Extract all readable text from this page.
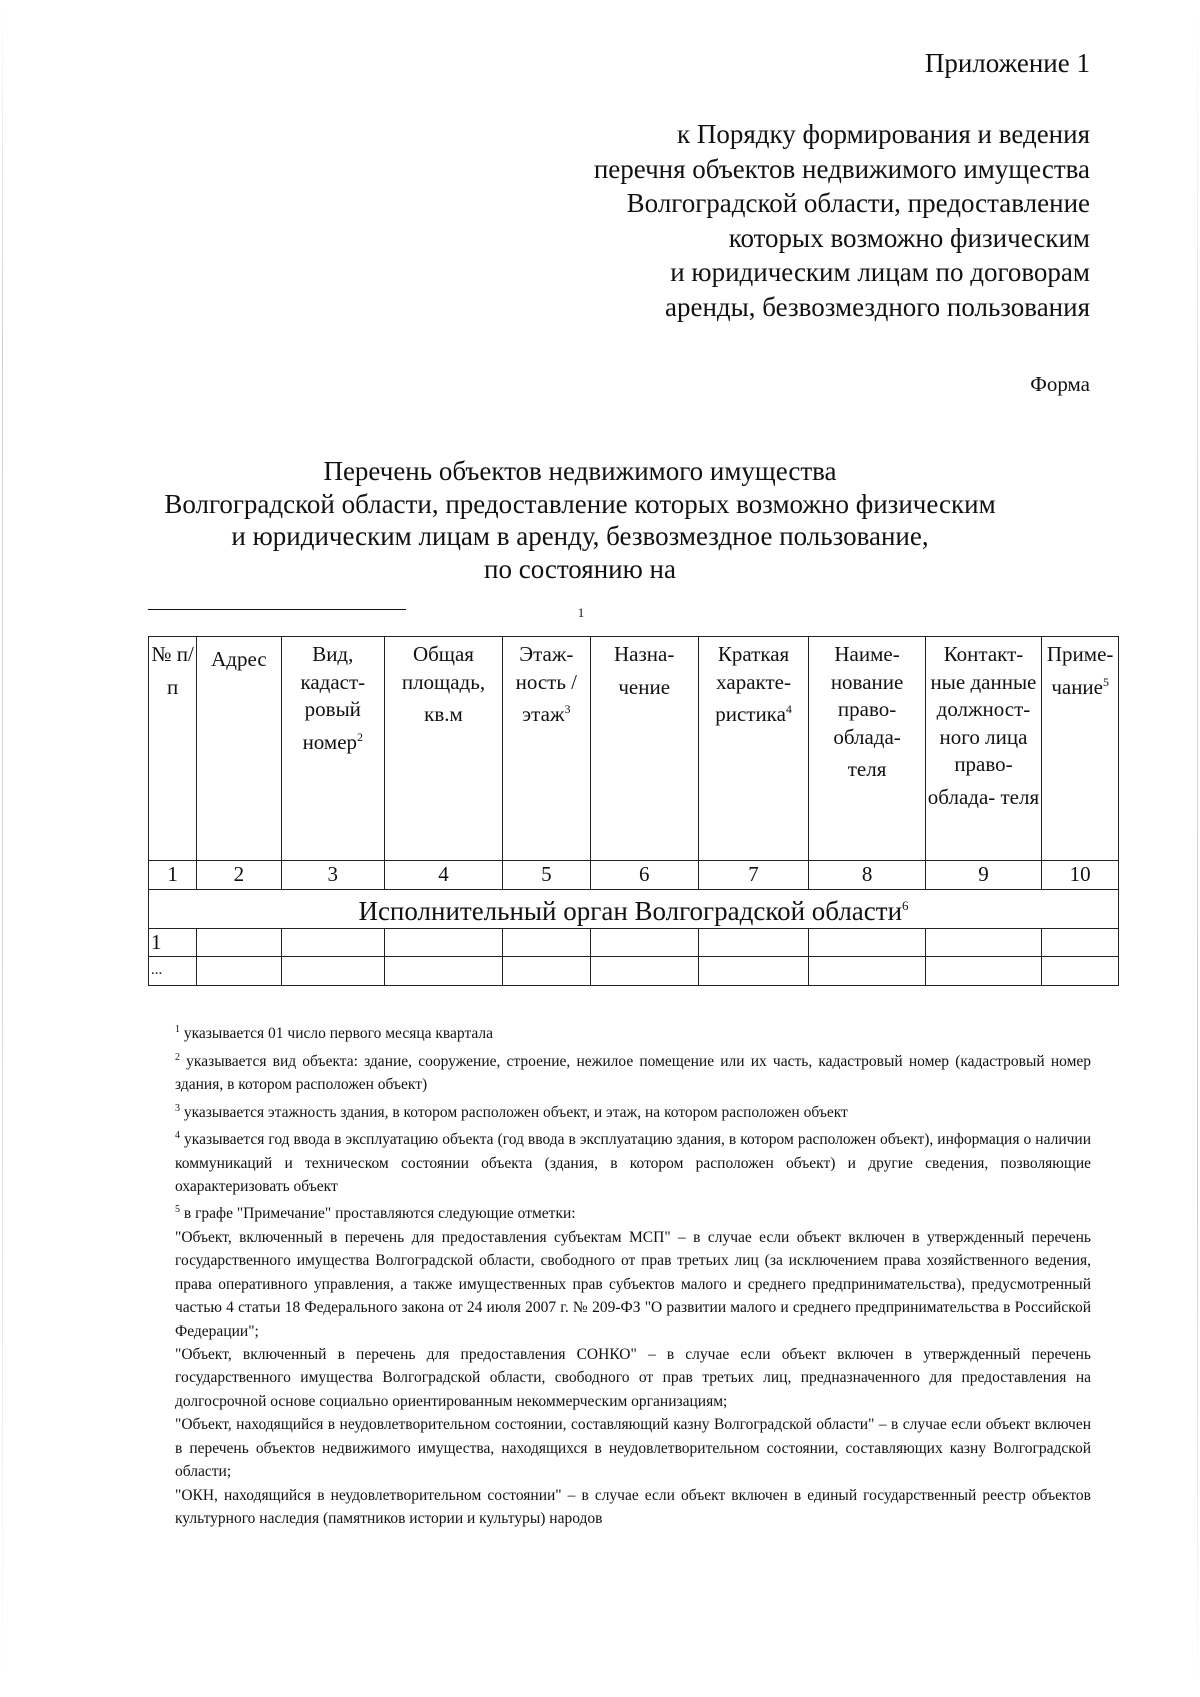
Приложение 1
к Порядку формирования и ведения
перечня объектов недвижимого имущества
Волгоградской области, предоставление
которых возможно физическим
и юридическим лицам по договорам
аренды, безвозмездного пользования
Форма
Перечень объектов недвижимого имущества
Волгоградской области, предоставление которых возможно физическим
и юридическим лицам в аренду, безвозмездное пользование,
по состоянию на
$^1$
№ п/п	Адрес	Вид, кадаст- ровый номер$^2$	Общая площадь, кв.м	Этаж- ность /этаж$^3$	Назна- чение	Краткая характе- ристика$^4$	Наиме- нование право- облада- теля	Контакт- ные данные должност- ного лица право- облада- теля	Приме- чание$^5$
1	2	3	4	5	6	7	8	9	10
Исполнительный орган Волгоградской области$^6$
1									
...									

$^1$ указывается 01 число первого месяца квартала

$^2$ указывается вид объекта: здание, сооружение, строение, нежилое помещение или их часть, кадастровый номер (кадастровый номер здания, в котором расположен объект)

$^3$ указывается этажность здания, в котором расположен объект, и этаж, на котором расположен объект

$^4$ указывается год ввода в эксплуатацию объекта (год ввода в эксплуатацию здания, в котором расположен объект), информация о наличии коммуникаций и техническом состоянии объекта (здания, в котором расположен объект) и другие сведения, позволяющие охарактеризовать объект

$^5$ в графе "Примечание" проставляются следующие отметки:

"Объект, включенный в перечень для предоставления субъектам МСП" – в случае если объект включен в утвержденный перечень государственного имущества Волгоградской области, свободного от прав третьих лиц (за исключением права хозяйственного ведения, права оперативного управления, а также имущественных прав субъектов малого и среднего предпринимательства), предусмотренный частью 4 статьи 18 Федерального закона от 24 июля 2007 г. № 209-ФЗ "О развитии малого и среднего предпринимательства в Российской Федерации";

"Объект, включенный в перечень для предоставления СОНКО" – в случае если объект включен в утвержденный перечень государственного имущества Волгоградской области, свободного от прав третьих лиц, предназначенного для предоставления на долгосрочной основе социально ориентированным некоммерческим организациям;

"Объект, находящийся в неудовлетворительном состоянии, составляющий казну Волгоградской области" – в случае если объект включен в перечень объектов недвижимого имущества, находящихся в неудовлетворительном состоянии, составляющих казну Волгоградской области;

"ОКН, находящийся в неудовлетворительном состоянии" – в случае если объект включен в единый государственный реестр объектов культурного наследия (памятников истории и культуры) народов
